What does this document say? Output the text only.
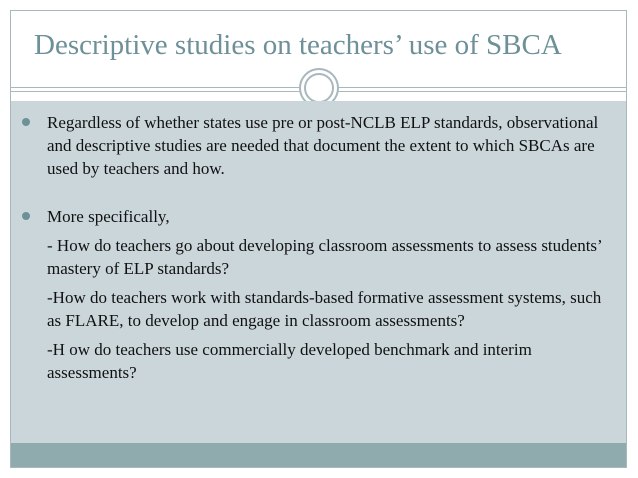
Descriptive studies on teachers’ use of SBCA
Regardless of whether states use pre or post-NCLB ELP standards, observational and descriptive studies are needed that document the extent to which SBCAs are used by teachers and how.
More specifically,
- How do teachers go about developing classroom assessments to assess students’ mastery of ELP standards?
-How do teachers work with standards-based formative assessment systems, such as FLARE, to develop and engage in classroom assessments?
-H ow do teachers use commercially developed benchmark and interim assessments?
